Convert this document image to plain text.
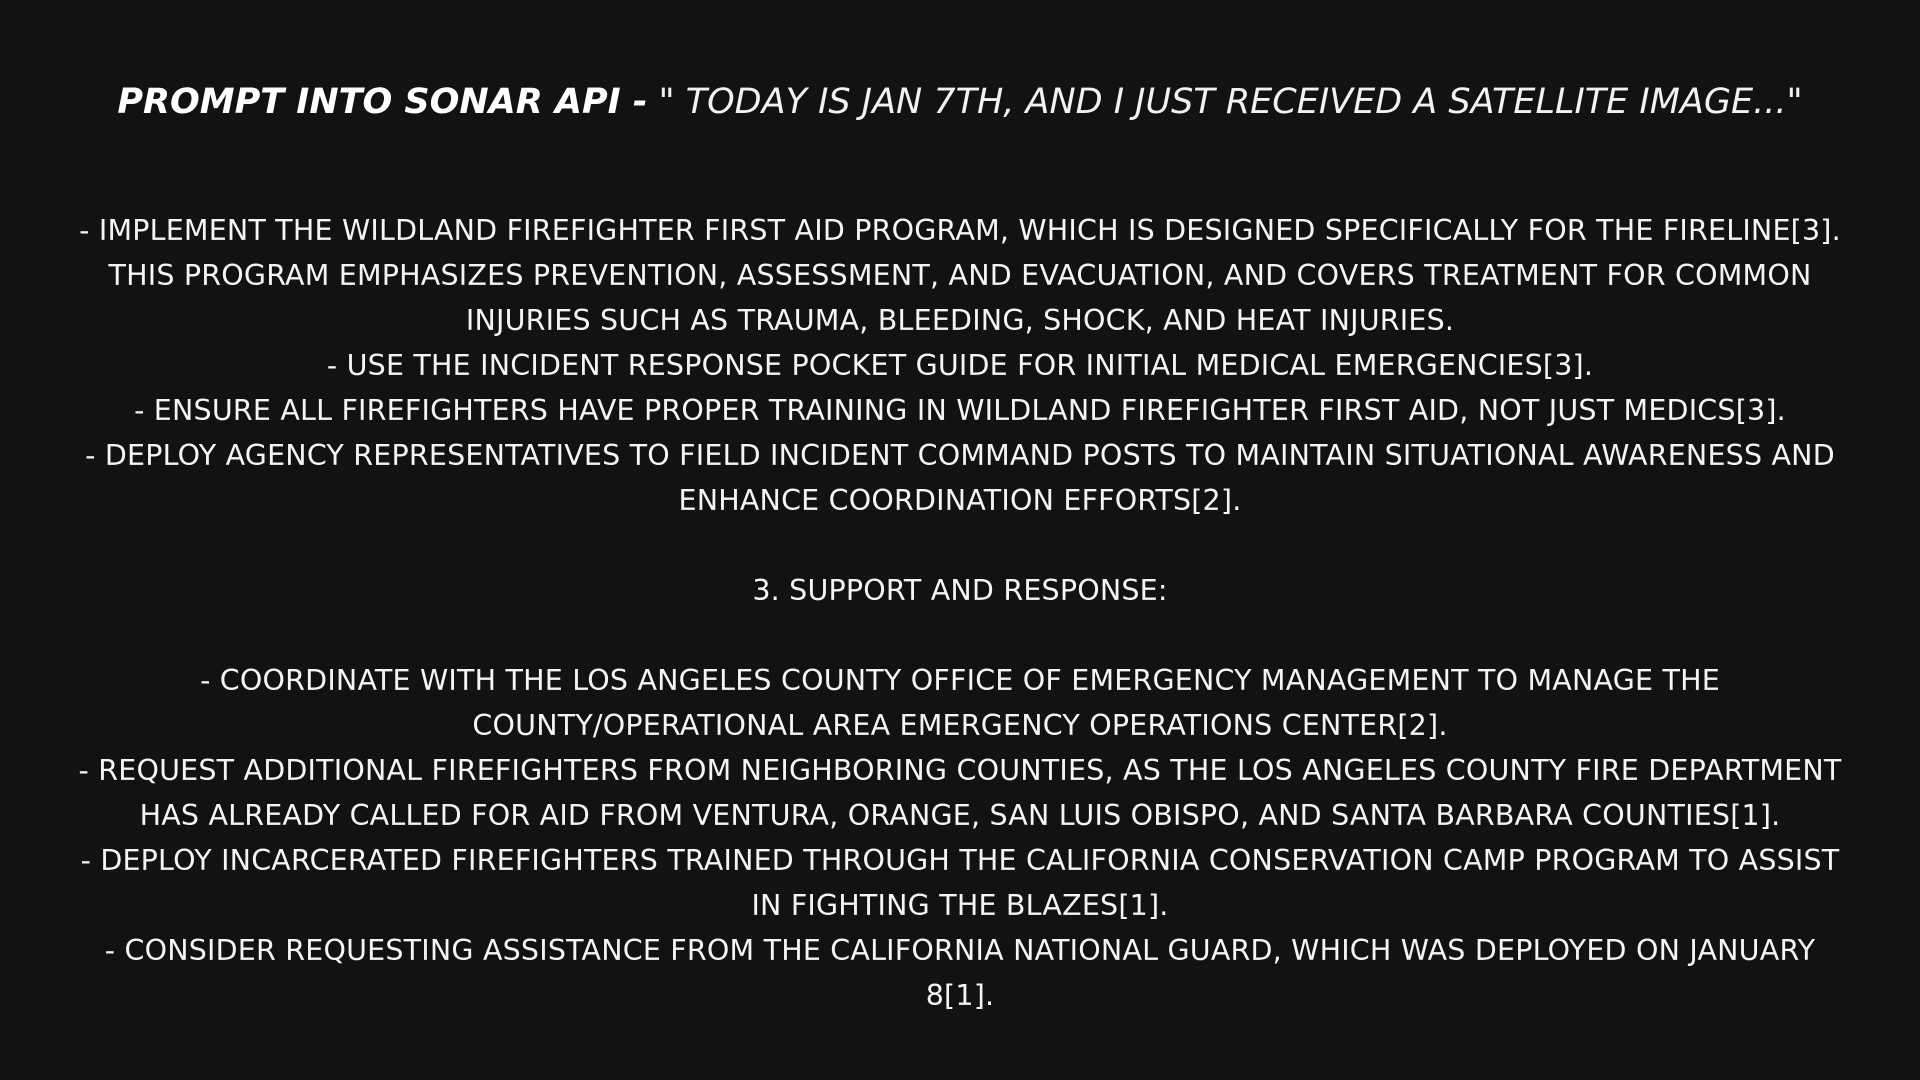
PROMPT INTO SONAR API - " TODAY IS JAN 7TH, AND I JUST RECEIVED A SATELLITE IMAGE..."
- IMPLEMENT THE WILDLAND FIREFIGHTER FIRST AID PROGRAM, WHICH IS DESIGNED SPECIFICALLY FOR THE FIRELINE[3].
THIS PROGRAM EMPHASIZES PREVENTION, ASSESSMENT, AND EVACUATION, AND COVERS TREATMENT FOR COMMON
INJURIES SUCH AS TRAUMA, BLEEDING, SHOCK, AND HEAT INJURIES.
- USE THE INCIDENT RESPONSE POCKET GUIDE FOR INITIAL MEDICAL EMERGENCIES[3].
- ENSURE ALL FIREFIGHTERS HAVE PROPER TRAINING IN WILDLAND FIREFIGHTER FIRST AID, NOT JUST MEDICS[3].
- DEPLOY AGENCY REPRESENTATIVES TO FIELD INCIDENT COMMAND POSTS TO MAINTAIN SITUATIONAL AWARENESS AND
ENHANCE COORDINATION EFFORTS[2].
3. SUPPORT AND RESPONSE:
- COORDINATE WITH THE LOS ANGELES COUNTY OFFICE OF EMERGENCY MANAGEMENT TO MANAGE THE
COUNTY/OPERATIONAL AREA EMERGENCY OPERATIONS CENTER[2].
- REQUEST ADDITIONAL FIREFIGHTERS FROM NEIGHBORING COUNTIES, AS THE LOS ANGELES COUNTY FIRE DEPARTMENT
HAS ALREADY CALLED FOR AID FROM VENTURA, ORANGE, SAN LUIS OBISPO, AND SANTA BARBARA COUNTIES[1].
- DEPLOY INCARCERATED FIREFIGHTERS TRAINED THROUGH THE CALIFORNIA CONSERVATION CAMP PROGRAM TO ASSIST
IN FIGHTING THE BLAZES[1].
- CONSIDER REQUESTING ASSISTANCE FROM THE CALIFORNIA NATIONAL GUARD, WHICH WAS DEPLOYED ON JANUARY
8[1].
